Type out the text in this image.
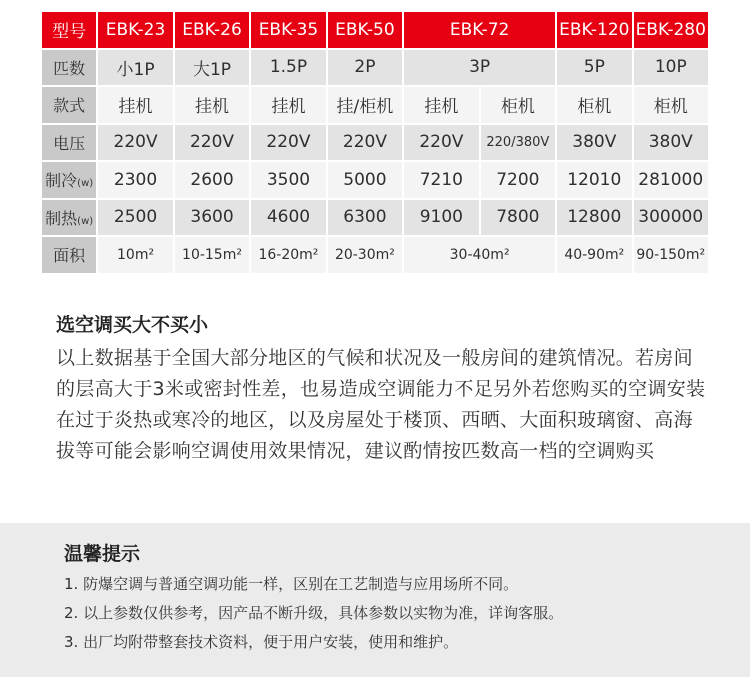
型号	EBK-23	EBK-26	EBK-35	EBK-50	EBK-72		EBK-120	EBK-280
匹数	小1P	大1P	1.5P	2P	3P		5P	10P
款式	挂机	挂机	挂机	挂/柜机	挂机	柜机	柜机	柜机
电压	220V	220V	220V	220V	220V	220/380V	380V	380V
制冷(w)	2300	2600	3500	5000	7210	7200	12010	281000
制热(w)	2500	3600	4600	6300	9100	7800	12800	300000
面积	10m²	10-15m²	16-20m²	20-30m²	30-40m²		40-90m²	90-150m²
选空调买大不买小

以上数据基于全国大部分地区的气候和状况及一般房间的建筑情况。若房间的层高大于3米或密封性差，也易造成空调能力不足另外若您购买的空调安装在过于炎热或寒冷的地区，以及房屋处于楼顶、西晒、大面积玻璃窗、高海拔等可能会影响空调使用效果情况，建议酌情按匹数高一档的空调购买

温馨提示
1. 防爆空调与普通空调功能一样，区别在工艺制造与应用场所不同。
2. 以上参数仅供参考，因产品不断升级，具体参数以实物为准，详询客服。
3. 出厂均附带整套技术资料，便于用户安装，使用和维护。
